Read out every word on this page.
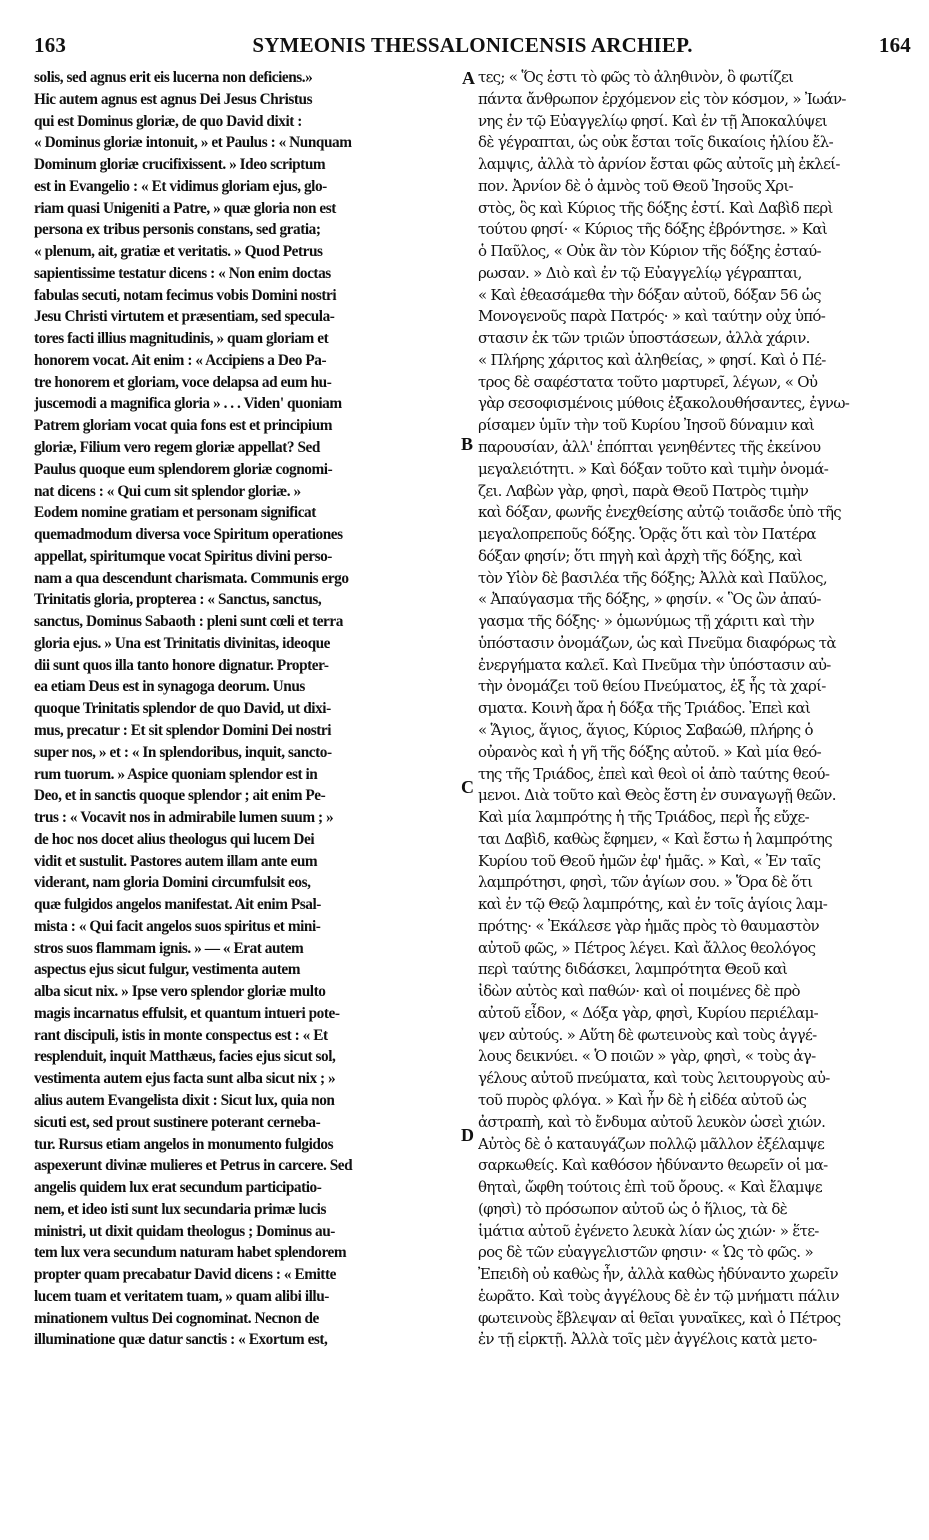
163	SYMEONIS THESSALONICENSIS ARCHIEP.	164
solis, sed agnus erit eis lucerna non deficiens.»
Hic autem agnus est agnus Dei Jesus Christus
qui est Dominus gloriæ, de quo David dixit :
« Dominus gloriæ intonuit, » et Paulus : « Nunquam
Dominum gloriæ crucifixissent. » Ideo scriptum
est in Evangelio : « Et vidimus gloriam ejus, glo-
riam quasi Unigeniti a Patre, » quæ gloria non est
persona ex tribus personis constans, sed gratia;
« plenum, ait, gratiæ et veritatis. » Quod Petrus
sapientissime testatur dicens : « Non enim doctas
fabulas secuti, notam fecimus vobis Domini nostri
Jesu Christi virtutem et præsentiam, sed specula-
tores facti illius magnitudinis, » quam gloriam et
honorem vocat. Ait enim : « Accipiens a Deo Pa-
tre honorem et gloriam, voce delapsa ad eum hu-
juscemodi a magnifica gloria » . . . Viden' quoniam
Patrem gloriam vocat quia fons est et principium
gloriæ, Filium vero regem gloriæ appellat? Sed
Paulus quoque eum splendorem gloriæ cognomi-
nat dicens : « Qui cum sit splendor gloriæ. »
Eodem nomine gratiam et personam significat
quemadmodum diversa voce Spiritum operationes
appellat, spiritumque vocat Spiritus divini perso-
nam a qua descendunt charismata. Communis ergo
Trinitatis gloria, propterea : « Sanctus, sanctus,
sanctus, Dominus Sabaoth : pleni sunt cœli et terra
gloria ejus. » Una est Trinitatis divinitas, ideoque
dii sunt quos illa tanto honore dignatur. Propter-
ea etiam Deus est in synagoga deorum. Unus
quoque Trinitatis splendor de quo David, ut dixi-
mus, precatur : Et sit splendor Domini Dei nostri
super nos, » et : « In splendoribus, inquit, sancto-
rum tuorum. » Aspice quoniam splendor est in
Deo, et in sanctis quoque splendor ; ait enim Pe-
trus : « Vocavit nos in admirabile lumen suum ; »
de hoc nos docet alius theologus qui lucem Dei
vidit et sustulit. Pastores autem illam ante eum
viderant, nam gloria Domini circumfulsit eos,
quæ fulgidos angelos manifestat. Ait enim Psal-
mista : « Qui facit angelos suos spiritus et mini-
stros suos flammam ignis. » — « Erat autem
aspectus ejus sicut fulgur, vestimenta autem
alba sicut nix. » Ipse vero splendor gloriæ multo
magis incarnatus effulsit, et quantum intueri pote-
rant discipuli, istis in monte conspectus est : « Et
resplenduit, inquit Matthæus, facies ejus sicut sol,
vestimenta autem ejus facta sunt alba sicut nix ; »
alius autem Evangelista dixit : Sicut lux, quia non
sicuti est, sed prout sustinere poterant cerneba-
tur. Rursus etiam angelos in monumento fulgidos
aspexerunt divinæ mulieres et Petrus in carcere. Sed
angelis quidem lux erat secundum participatio-
nem, et ideo isti sunt lux secundaria primæ lucis
ministri, ut dixit quidam theologus ; Dominus au-
tem lux vera secundum naturam habet splendorem
propter quam precabatur David dicens : « Emitte
lucem tuam et veritatem tuam, » quam alibi illu-
minationem vultus Dei cognominat. Necnon de
illuminatione quæ datur sanctis : « Exortum est,
A
B
C
D
τες; « Ὅς ἐστι τὸ φῶς τὸ ἀληθινὸν, ὃ φωτίζει
πάντα ἄνθρωπον ἐρχόμενον εἰς τὸν κόσμον, » Ἰωάν-
νης ἐν τῷ Εὐαγγελίῳ φησί. Καὶ ἐν τῇ Ἀποκαλύψει
δὲ γέγραπται, ὡς οὐκ ἔσται τοῖς δικαίοις ἡλίου ἔλ-
λαμψις, ἀλλὰ τὸ ἀρνίον ἔσται φῶς αὐτοῖς μὴ ἐκλεί-
πον. Ἀρνίον δὲ ὁ ἀμνὸς τοῦ Θεοῦ Ἰησοῦς Χρι-
στὸς, ὃς καὶ Κύριος τῆς δόξης ἐστί. Καὶ Δαβὶδ περὶ
τούτου φησί· « Κύριος τῆς δόξης ἐβρόντησε. » Καὶ
ὁ Παῦλος, « Οὐκ ἂν τὸν Κύριον τῆς δόξης ἐσταύ-
ρωσαν. » Διὸ καὶ ἐν τῷ Εὐαγγελίῳ γέγραπται,
« Καὶ ἐθεασάμεθα τὴν δόξαν αὐτοῦ, δόξαν 56 ὡς
Μονογενοῦς παρὰ Πατρός· » καὶ ταύτην οὐχ ὑπό-
στασιν ἐκ τῶν τριῶν ὑποστάσεων, ἀλλὰ χάριν.
« Πλήρης χάριτος καὶ ἀληθείας, » φησί. Καὶ ὁ Πέ-
τρος δὲ σαφέστατα τοῦτο μαρτυρεῖ, λέγων, « Οὐ
γὰρ σεσοφισμένοις μύθοις ἐξακολουθήσαντες, ἐγνω-
ρίσαμεν ὑμῖν τὴν τοῦ Κυρίου Ἰησοῦ δύναμιν καὶ
παρουσίαν, ἀλλ' ἐπόπται γενηθέντες τῆς ἐκείνου
μεγαλειότητι. » Καὶ δόξαν τοῦτο καὶ τιμὴν ὀνομά-
ζει. Λαβὼν γὰρ, φησὶ, παρὰ Θεοῦ Πατρὸς τιμὴν
καὶ δόξαν, φωνῆς ἐνεχθείσης αὐτῷ τοιᾶσδε ὑπὸ τῆς
μεγαλοπρεποῦς δόξης. Ὁρᾷς ὅτι καὶ τὸν Πατέρα
δόξαν φησίν; ὅτι πηγὴ καὶ ἀρχὴ τῆς δόξης, καὶ
τὸν Υἱὸν δὲ βασιλέα τῆς δόξης; Ἀλλὰ καὶ Παῦλος,
« Ἀπαύγασμα τῆς δόξης, » φησίν. « Ὃς ὢν ἀπαύ-
γασμα τῆς δόξης· » ὁμωνύμως τῇ χάριτι καὶ τὴν
ὑπόστασιν ὀνομάζων, ὡς καὶ Πνεῦμα διαφόρως τὰ
ἐνεργήματα καλεῖ. Καὶ Πνεῦμα τὴν ὑπόστασιν αὐ-
τὴν ὀνομάζει τοῦ θείου Πνεύματος, ἐξ ἧς τὰ χαρί-
σματα. Κοινὴ ἄρα ἡ δόξα τῆς Τριάδος. Ἐπεὶ καὶ
« Ἅγιος, ἅγιος, ἅγιος, Κύριος Σαβαώθ, πλήρης ὁ
οὐρανὸς καὶ ἡ γῆ τῆς δόξης αὐτοῦ. » Καὶ μία θεό-
της τῆς Τριάδος, ἐπεὶ καὶ θεοὶ οἱ ἀπὸ ταύτης θεού-
μενοι. Διὰ τοῦτο καὶ Θεὸς ἔστη ἐν συναγωγῇ θεῶν.
Καὶ μία λαμπρότης ἡ τῆς Τριάδος, περὶ ἧς εὔχε-
ται Δαβὶδ, καθὼς ἔφημεν, « Καὶ ἔστω ἡ λαμπρότης
Κυρίου τοῦ Θεοῦ ἡμῶν ἐφ' ἡμᾶς. » Καὶ, « Ἐν ταῖς
λαμπρότησι, φησὶ, τῶν ἁγίων σου. » Ὅρα δὲ ὅτι
καὶ ἐν τῷ Θεῷ λαμπρότης, καὶ ἐν τοῖς ἁγίοις λαμ-
πρότης· « Ἐκάλεσε γὰρ ἡμᾶς πρὸς τὸ θαυμαστὸν
αὐτοῦ φῶς, » Πέτρος λέγει. Καὶ ἄλλος θεολόγος
περὶ ταύτης διδάσκει, λαμπρότητα Θεοῦ καὶ
ἰδὼν αὐτὸς καὶ παθών· καὶ οἱ ποιμένες δὲ πρὸ
αὐτοῦ εἶδον, « Δόξα γὰρ, φησὶ, Κυρίου περιέλαμ-
ψεν αὐτούς. » Αὕτη δὲ φωτεινοὺς καὶ τοὺς ἀγγέ-
λους δεικνύει. « Ὁ ποιῶν » γὰρ, φησὶ, « τοὺς ἀγ-
γέλους αὐτοῦ πνεύματα, καὶ τοὺς λειτουργοὺς αὐ-
τοῦ πυρὸς φλόγα. » Καὶ ἦν δὲ ἡ εἰδέα αὐτοῦ ὡς
ἀστραπὴ, καὶ τὸ ἔνδυμα αὐτοῦ λευκὸν ὡσεὶ χιών.
Αὐτὸς δὲ ὁ καταυγάζων πολλῷ μᾶλλον ἐξέλαμψε
σαρκωθείς. Καὶ καθόσον ἠδύναντο θεωρεῖν οἱ μα-
θηταὶ, ὤφθη τούτοις ἐπὶ τοῦ ὄρους. « Καὶ ἔλαμψε
(φησὶ) τὸ πρόσωπον αὐτοῦ ὡς ὁ ἥλιος, τὰ δὲ
ἱμάτια αὐτοῦ ἐγένετο λευκὰ λίαν ὡς χιών· » ἕτε-
ρος δὲ τῶν εὐαγγελιστῶν φησιν· « Ὡς τὸ φῶς. »
Ἐπειδὴ οὐ καθὼς ἦν, ἀλλὰ καθὼς ἠδύναντο χωρεῖν
ἑωρᾶτο. Καὶ τοὺς ἀγγέλους δὲ ἐν τῷ μνήματι πάλιν
φωτεινοὺς ἔβλεψαν αἱ θεῖαι γυναῖκες, καὶ ὁ Πέτρος
ἐν τῇ εἱρκτῇ. Ἀλλὰ τοῖς μὲν ἀγγέλοις κατὰ μετο-
